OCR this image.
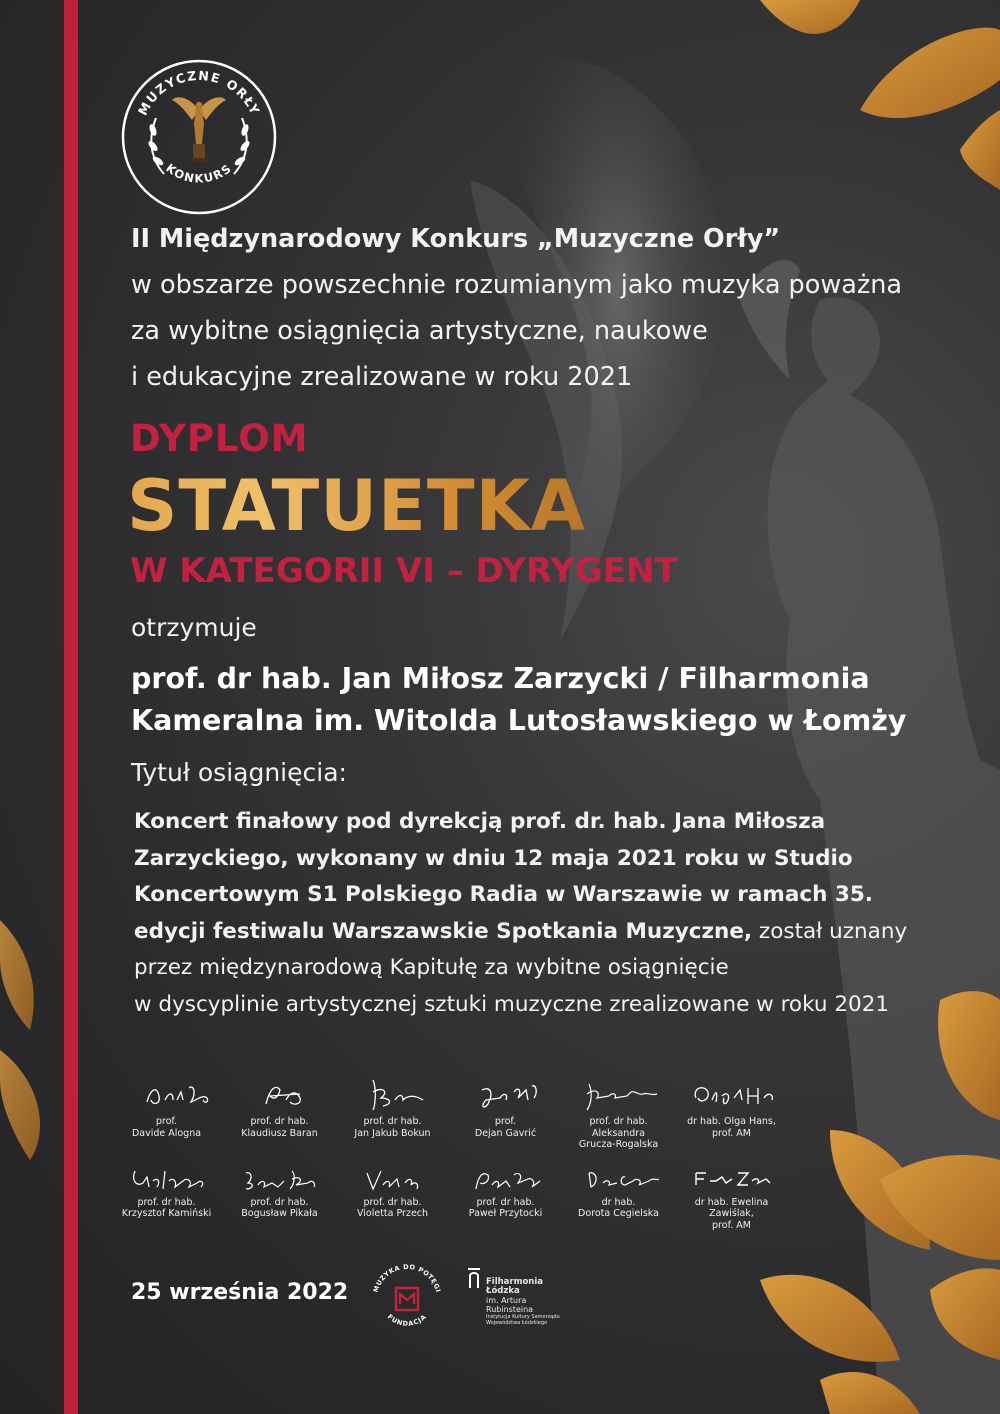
MUZYCZNE ORŁY
KONKURS
II Międzynarodowy Konkurs „Muzyczne Orły”
w obszarze powszechnie rozumianym jako muzyka poważna
za wybitne osiągnięcia artystyczne, naukowe
i edukacyjne zrealizowane w roku 2021
DYPLOM
STATUETKA
W KATEGORII VI – DYRYGENT
otrzymuje
prof. dr hab. Jan Miłosz Zarzycki / Filharmonia
Kameralna im. Witolda Lutosławskiego w Łomży
Tytuł osiągnięcia:
Koncert finałowy pod dyrekcją prof. dr. hab. Jana Miłosza
Zarzyckiego, wykonany w dniu 12 maja 2021 roku w Studio
Koncertowym S1 Polskiego Radia w Warszawie w ramach 35.
edycji festiwalu Warszawskie Spotkania Muzyczne, został uznany
przez międzynarodową Kapitułę za wybitne osiągnięcie
w dyscyplinie artystycznej sztuki muzyczne zrealizowane w roku 2021
prof.
Davide Alogna
prof. dr hab.
Klaudiusz Baran
prof. dr hab.
Jan Jakub Bokun
prof.
Dejan Gavrić
prof. dr hab. Aleksandra
Grucza-Rogalska
dr hab. Olga Hans,
prof. AM
prof. dr hab.
Krzysztof Kamiński
prof. dr hab.
Bogusław Pikała
prof. dr hab.
Violetta Przech
prof. dr hab.
Paweł Przytocki
dr hab.
Dorota Cegielska
dr hab. Ewelina Zawiślak,
prof. AM
25 września 2022	MUZYKA DO POTĘGI
FUNDACJA
Filharmonia
Łódzka
im. Artura
Rubinsteina
Instytucja Kultury Samorządu
Województwa Łódzkiego
